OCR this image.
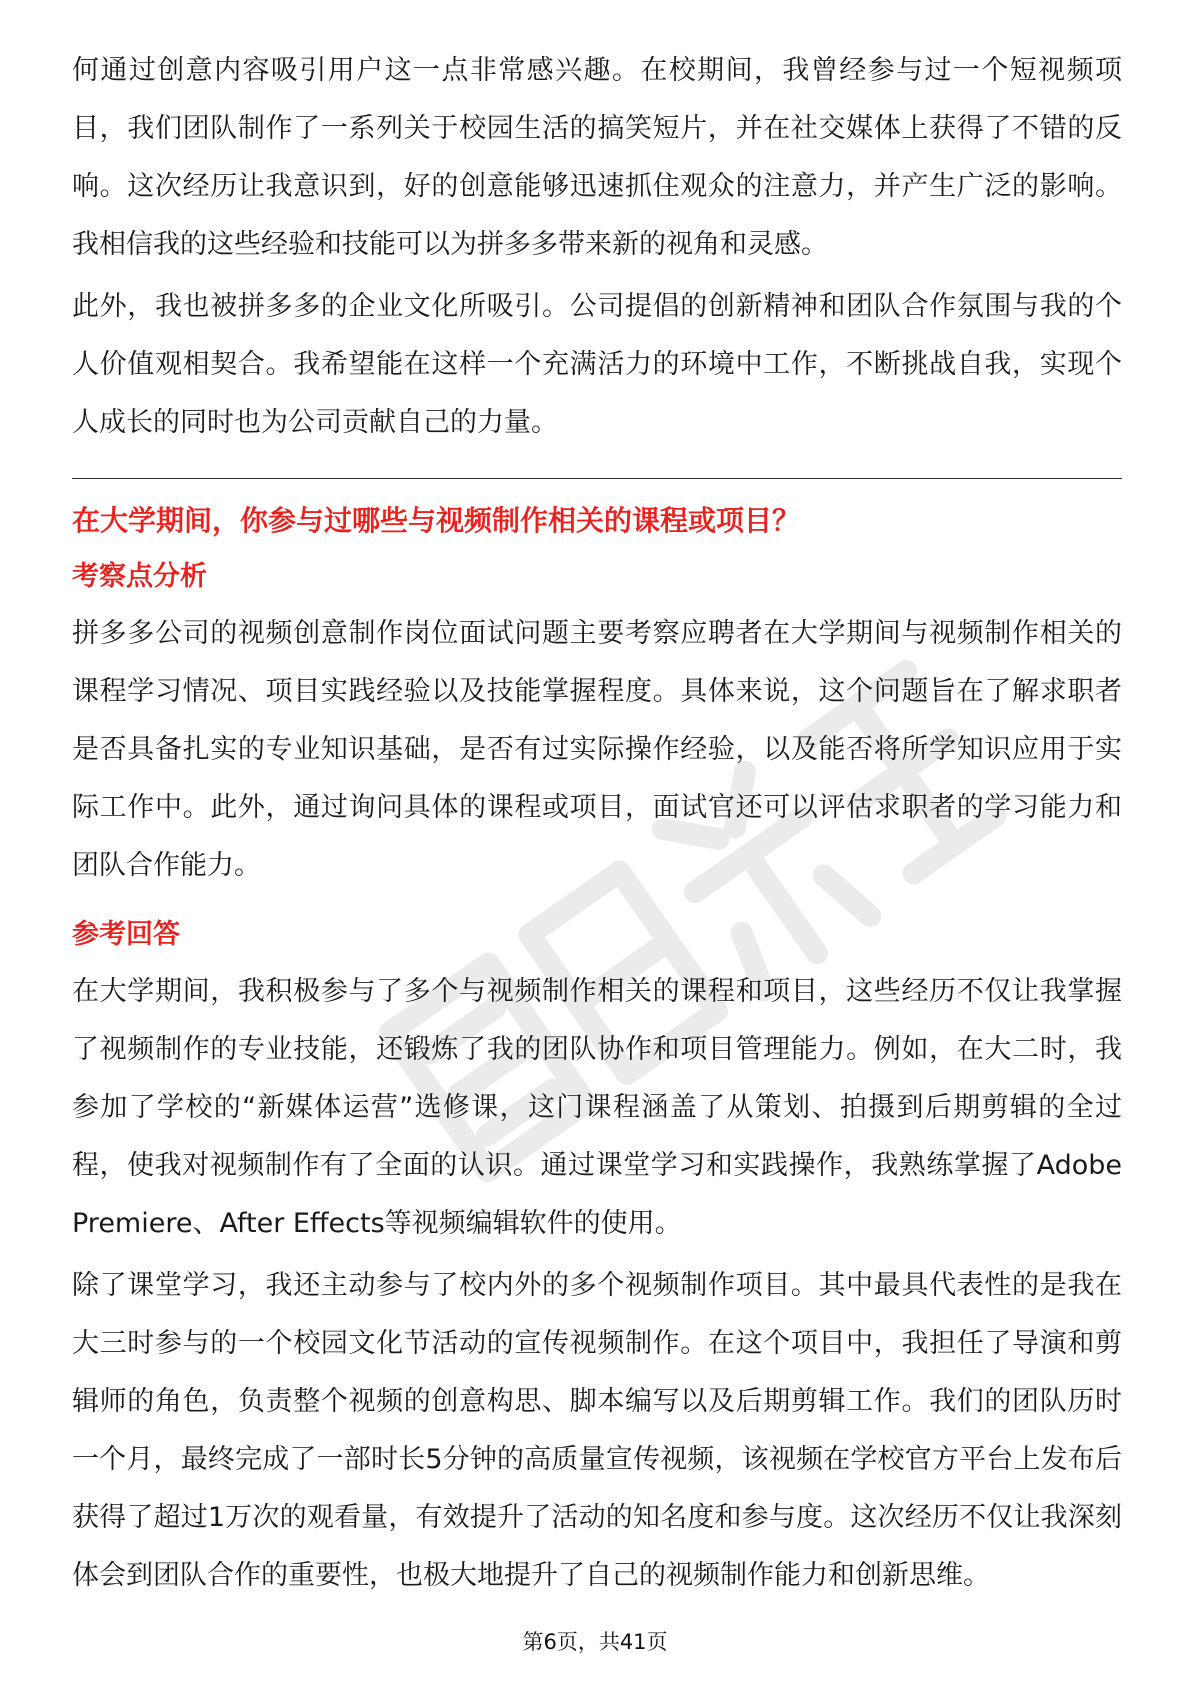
何通过创意内容吸引用户这一点非常感兴趣。在校期间，我曾经参与过一个短视频项目，我们团队制作了一系列关于校园生活的搞笑短片，并在社交媒体上获得了不错的反响。这次经历让我意识到，好的创意能够迅速抓住观众的注意力，并产生广泛的影响。我相信我的这些经验和技能可以为拼多多带来新的视角和灵感。

此外，我也被拼多多的企业文化所吸引。公司提倡的创新精神和团队合作氛围与我的个人价值观相契合。我希望能在这样一个充满活力的环境中工作，不断挑战自我，实现个人成长的同时也为公司贡献自己的力量。

在大学期间，你参与过哪些与视频制作相关的课程或项目？

考察点分析

拼多多公司的视频创意制作岗位面试问题主要考察应聘者在大学期间与视频制作相关的课程学习情况、项目实践经验以及技能掌握程度。具体来说，这个问题旨在了解求职者是否具备扎实的专业知识基础，是否有过实际操作经验，以及能否将所学知识应用于实际工作中。此外，通过询问具体的课程或项目，面试官还可以评估求职者的学习能力和团队合作能力。

参考回答

在大学期间，我积极参与了多个与视频制作相关的课程和项目，这些经历不仅让我掌握了视频制作的专业技能，还锻炼了我的团队协作和项目管理能力。例如，在大二时，我参加了学校的“新媒体运营”选修课，这门课程涵盖了从策划、拍摄到后期剪辑的全过程，使我对视频制作有了全面的认识。通过课堂学习和实践操作，我熟练掌握了Adobe Premiere、After Effects等视频编辑软件的使用。

除了课堂学习，我还主动参与了校内外的多个视频制作项目。其中最具代表性的是我在大三时参与的一个校园文化节活动的宣传视频制作。在这个项目中，我担任了导演和剪辑师的角色，负责整个视频的创意构思、脚本编写以及后期剪辑工作。我们的团队历时一个月，最终完成了一部时长5分钟的高质量宣传视频，该视频在学校官方平台上发布后获得了超过1万次的观看量，有效提升了活动的知名度和参与度。这次经历不仅让我深刻体会到团队合作的重要性，也极大地提升了自己的视频制作能力和创新思维。

第6页，共41页
